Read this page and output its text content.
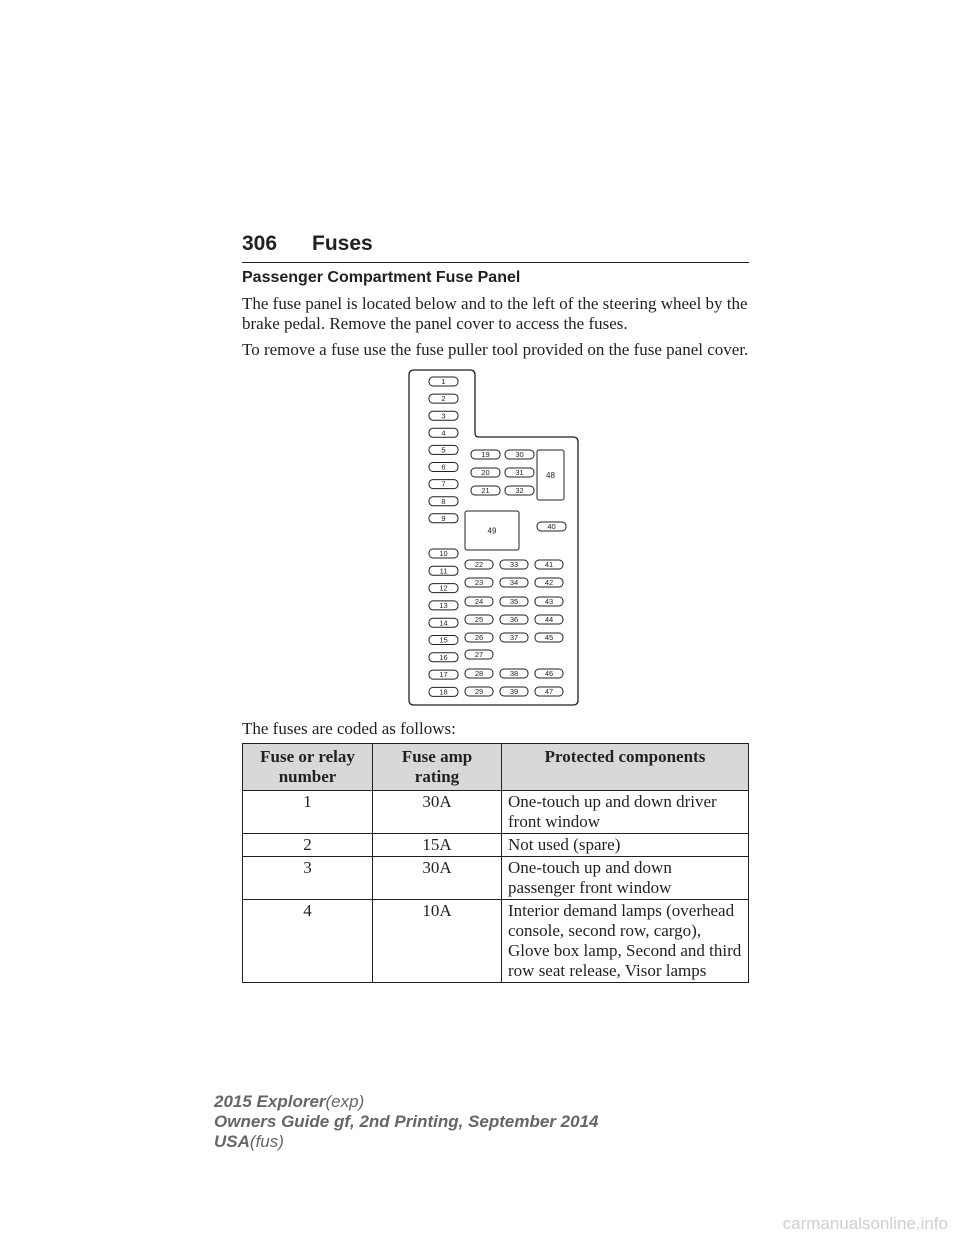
306 Fuses
Passenger Compartment Fuse Panel

The fuse panel is located below and to the left of the steering wheel by the brake pedal. Remove the panel cover to access the fuses.

To remove a fuse use the fuse puller tool provided on the fuse panel cover.

1
2
3
4
5
6
7
8
9
10
11
12
13
14
15
16
17
18
19
20
21
30
31
32
48
49	40
22
23
24
25
26
27
28
29
33
34
35
36
37
38
39
41
42
43
44
45
46
47
The fuses are coded as follows:
Fuse or relay number	Fuse amp rating	Protected components
1	30A	One-touch up and down driver front window
2	15A	Not used (spare)
3	30A	One-touch up and down passenger front window
4	10A	Interior demand lamps (overhead console, second row, cargo), Glove box lamp, Second and third row seat release, Visor lamps
2015 Explorer(exp)
Owners Guide gf, 2nd Printing, September 2014
USA(fus)
carmanualsonline.info
